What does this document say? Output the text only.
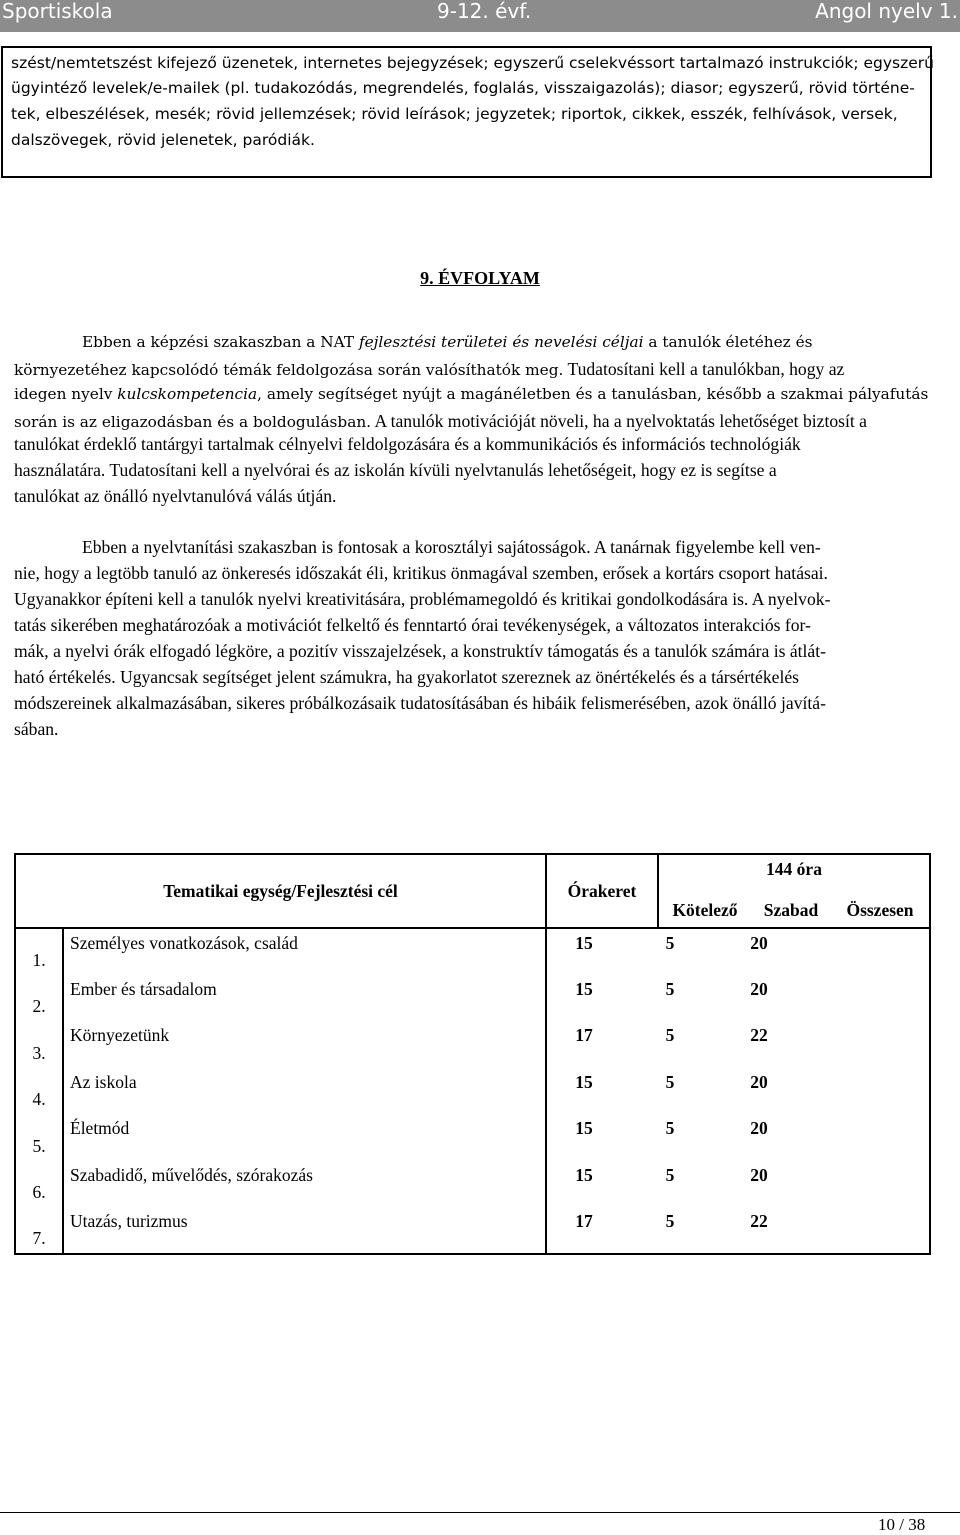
Sportiskola	9-12. évf.	Angol nyelv 1.
szést/nemtetszést kifejező üzenetek, internetes bejegyzések; egyszerű cselekvéssort tartalmazó instrukciók; egyszerű
ügyintéző levelek/e-mailek (pl. tudakozódás, megrendelés, foglalás, visszaigazolás); diasor; egyszerű, rövid történe-
tek, elbeszélések, mesék; rövid jellemzések; rövid leírások; jegyzetek; riportok, cikkek, esszék, felhívások, versek,
dalszövegek, rövid jelenetek, paródiák.
9. ÉVFOLYAM
Ebben a képzési szakaszban a NAT fejlesztési területei és nevelési céljai a tanulók életéhez és
környezetéhez kapcsolódó témák feldolgozása során valósíthatók meg. Tudatosítani kell a tanulókban, hogy az
idegen nyelv kulcskompetencia, amely segítséget nyújt a magánéletben és a tanulásban, később a szakmai pályafutás
során is az eligazodásban és a boldogulásban. A tanulók motivációját növeli, ha a nyelvoktatás lehetőséget biztosít a
tanulókat érdeklő tantárgyi tartalmak célnyelvi feldolgozására és a kommunikációs és információs technológiák
használatára. Tudatosítani kell a nyelvórai és az iskolán kívüli nyelvtanulás lehetőségeit, hogy ez is segítse a
tanulókat az önálló nyelvtanulóvá válás útján.
Ebben a nyelvtanítási szakaszban is fontosak a korosztályi sajátosságok. A tanárnak figyelembe kell ven-
nie, hogy a legtöbb tanuló az önkeresés időszakát éli, kritikus önmagával szemben, erősek a kortárs csoport hatásai.
Ugyanakkor építeni kell a tanulók nyelvi kreativitására, problémamegoldó és kritikai gondolkodására is. A nyelvok-
tatás sikerében meghatározóak a motivációt felkeltő és fenntartó órai tevékenységek, a változatos interakciós for-
mák, a nyelvi órák elfogadó légköre, a pozitív visszajelzések, a konstruktív támogatás és a tanulók számára is átlát-
ható értékelés. Ugyancsak segítséget jelent számukra, ha gyakorlatot szereznek az önértékelés és a társértékelés
módszereinek alkalmazásában, sikeres próbálkozásaik tudatosításában és hibáik felismerésében, azok önálló javítá-
sában.
Tematikai egység/Fejlesztési cél		Órakeret	144 óra
Kötelező Szabad Összesen

1.	Személyes vonatkozások, család		15 5 20

2.	Ember és társadalom		15 5 20

3.	Környezetünk		17 5 22

4.	Az iskola		15 5 20

5.	Életmód		15 5 20

6.	Szabadidő, művelődés, szórakozás		15 5 20

7.	Utazás, turizmus		17 5 22
10 / 38
